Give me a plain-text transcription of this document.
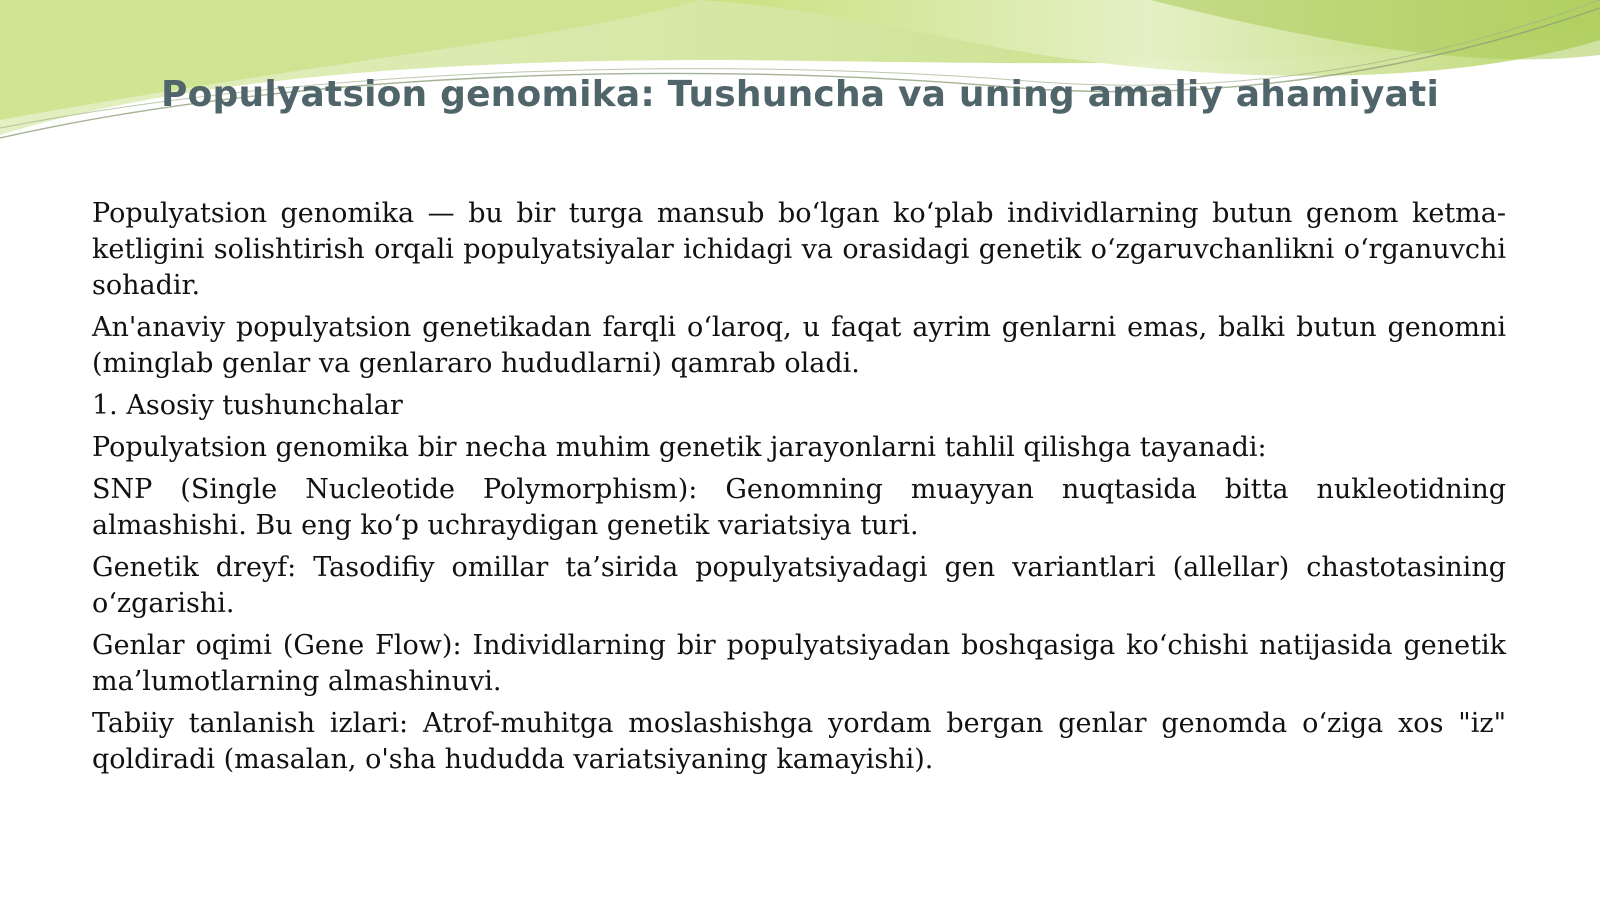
Populyatsion genomika: Tushuncha va uning amaliy ahamiyati

Populyatsion genomika — bu bir turga mansub boʻlgan koʻplab individlarning butun genom ketma-ketligini solishtirish orqali populyatsiyalar ichidagi va orasidagi genetik oʻzgaruvchanlikni oʻrganuvchi sohadir.

An'anaviy populyatsion genetikadan farqli oʻlaroq, u faqat ayrim genlarni emas, balki butun genomni (minglab genlar va genlararo hududlarni) qamrab oladi.

1. Asosiy tushunchalar

Populyatsion genomika bir necha muhim genetik jarayonlarni tahlil qilishga tayanadi:

SNP (Single Nucleotide Polymorphism): Genomning muayyan nuqtasida bitta nukleotidning almashishi. Bu eng koʻp uchraydigan genetik variatsiya turi.

Genetik dreyf: Tasodifiy omillar ta’sirida populyatsiyadagi gen variantlari (allellar) chastotasining oʻzgarishi.

Genlar oqimi (Gene Flow): Individlarning bir populyatsiyadan boshqasiga koʻchishi natijasida genetik ma’lumotlarning almashinuvi.

Tabiiy tanlanish izlari: Atrof-muhitga moslashishga yordam bergan genlar genomda oʻziga xos "iz" qoldiradi (masalan, o'sha hududda variatsiyaning kamayishi).
